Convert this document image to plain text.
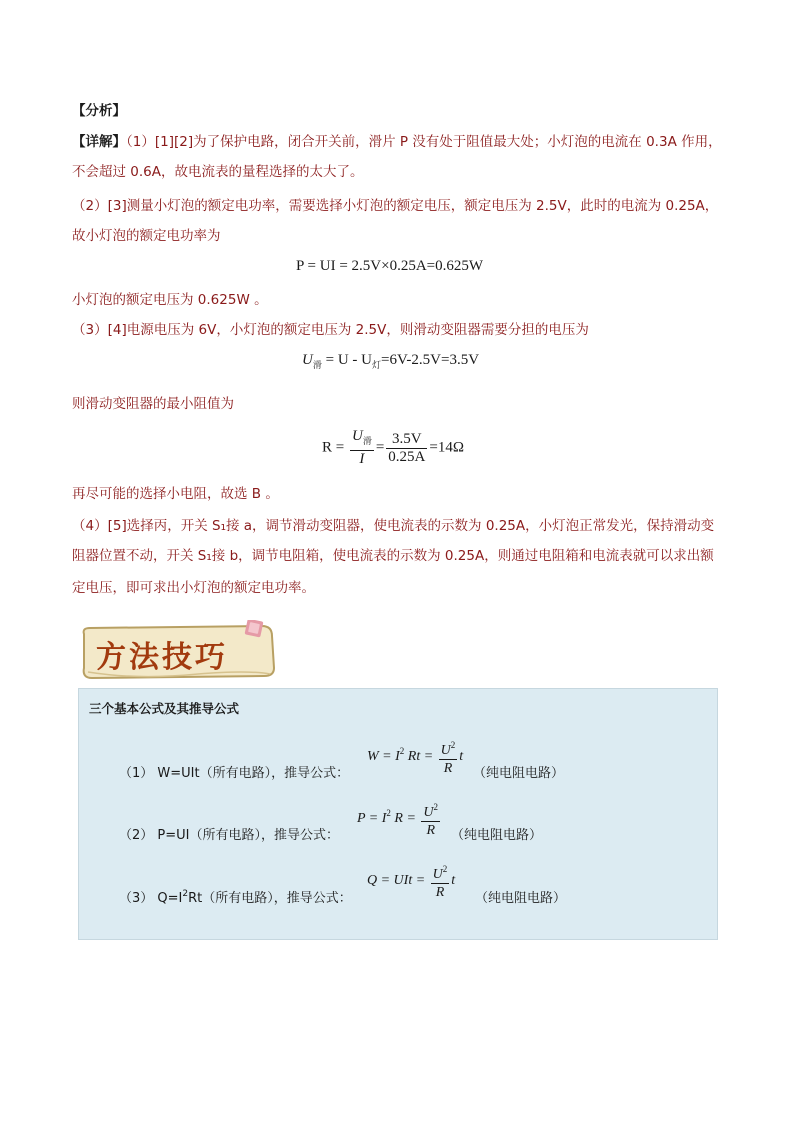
【分析】
【详解】（1）[1][2]为了保护电路，闭合开关前，滑片 P 没有处于阻值最大处；小灯泡的电流在 0.3A 作用，
不会超过 0.6A，故电流表的量程选择的太大了。
（2）[3]测量小灯泡的额定电功率，需要选择小灯泡的额定电压，额定电压为 2.5V，此时的电流为 0.25A，
故小灯泡的额定电功率为
P = UI = 2.5V×0.25A=0.625W
小灯泡的额定电压为 0.625W 。
（3）[4]电源电压为 6V，小灯泡的额定电压为 2.5V，则滑动变阻器需要分担的电压为
$U_滑 = U - U_灯=6V-2.5V=3.5V$
则滑动变阻器的最小阻值为
$R = \frac{U_滑}{I} = \frac{3.5V}{0.25A} =14\Omega$
再尽可能的选择小电阻，故选 B 。
（4）[5]选择丙，开关 S₁接 a，调节滑动变阻器，使电流表的示数为 0.25A，小灯泡正常发光，保持滑动变
阻器位置不动，开关 S₁接 b，调节电阻箱，使电流表的示数为 0.25A，则通过电阻箱和电流表就可以求出额
定电压，即可求出小灯泡的额定电功率。
方法技巧
三个基本公式及其推导公式
（1） W=UIt（所有电路），推导公式：
$W = I^2$ $Rt = \frac{U^2}{R}$ t
（纯电阻电路）
（2） P=UI（所有电路），推导公式：
$P = I^2$ $R = \frac{U^2}{R}$ （纯电阻电路）
（3） $Q=I^2Rt$（所有电路），推导公式：
Q = UIt = $\frac{U^2}{R}$ t
（纯电阻电路）
